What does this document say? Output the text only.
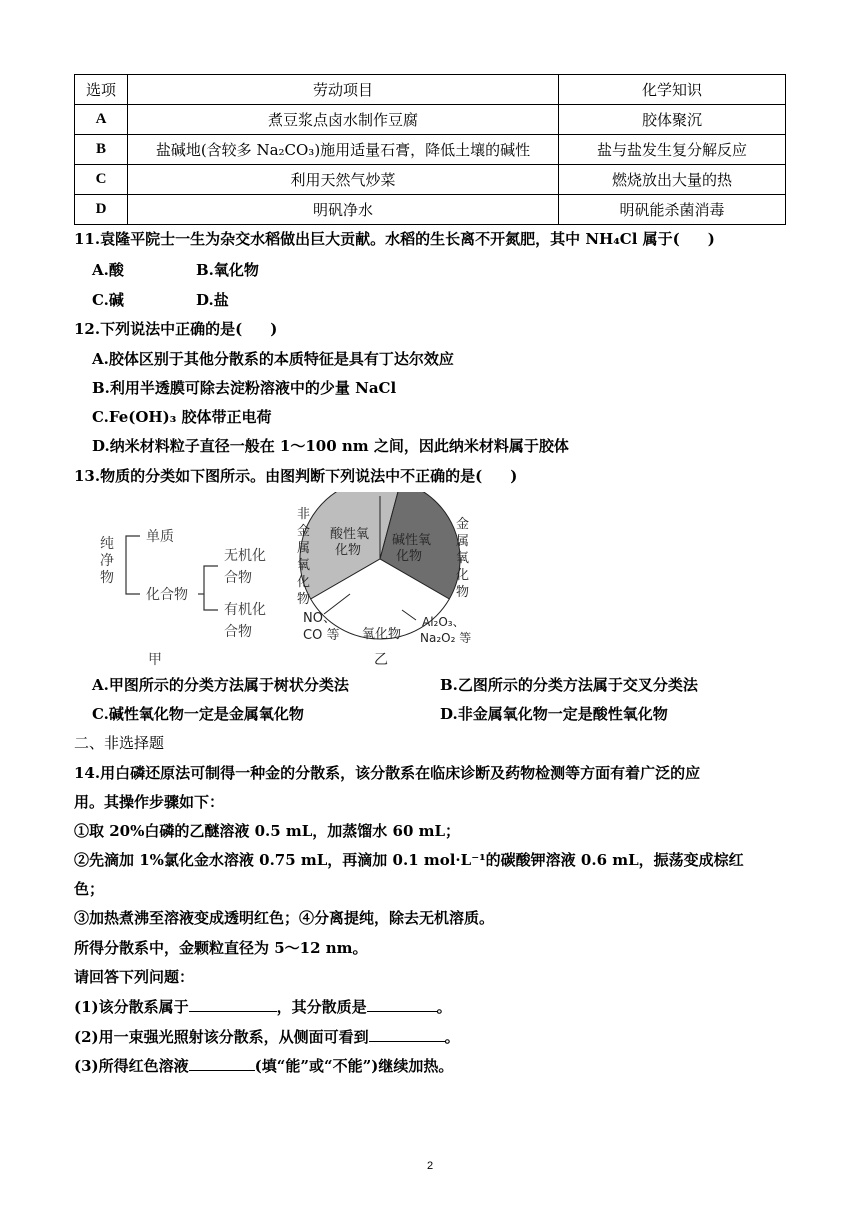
选项	劳动项目	化学知识
A	煮豆浆点卤水制作豆腐	胶体聚沉
B	盐碱地(含较多 Na₂CO₃)施用适量石膏，降低土壤的碱性	盐与盐发生复分解反应
C	利用天然气炒菜	燃烧放出大量的热
D	明矾净水	明矾能杀菌消毒
11.袁隆平院士一生为杂交水稻做出巨大贡献。水稻的生长离不开氮肥，其中 NH₄Cl 属于( )
A.酸	B.氧化物
C.碱	D.盐
12.下列说法中正确的是( )
A.胶体区别于其他分散系的本质特征是具有丁达尔效应
B.利用半透膜可除去淀粉溶液中的少量 NaCl
C.Fe(OH)₃ 胶体带正电荷
D.纳米材料粒子直径一般在 1～100 nm 之间，因此纳米材料属于胶体
13.物质的分类如下图所示。由图判断下列说法中不正确的是( )
纯
净
物
单质
化合物
无机化
合物
有机化
合物
甲
非
金
属
氧
化
物
金
属
氧
化
物
酸性氧
化物
碱性氧
化物
NO、
CO 等 氧化物
Al₂O₃、
Na₂O₂ 等
乙
A.甲图所示的分类方法属于树状分类法	B.乙图所示的分类方法属于交叉分类法
C.碱性氧化物一定是金属氧化物	D.非金属氧化物一定是酸性氧化物
二、非选择题
14.用白磷还原法可制得一种金的分散系，该分散系在临床诊断及药物检测等方面有着广泛的应
用。其操作步骤如下：
①取 20%白磷的乙醚溶液 0.5 mL，加蒸馏水 60 mL；
②先滴加 1%氯化金水溶液 0.75 mL，再滴加 0.1 mol·L⁻¹的碳酸钾溶液 0.6 mL，振荡变成棕红
色；
③加热煮沸至溶液变成透明红色；④分离提纯，除去无机溶质。
所得分散系中，金颗粒直径为 5～12 nm。
请回答下列问题：
(1)该分散系属于	，其分散质是	。
(2)用一束强光照射该分散系，从侧面可看到	。
(3)所得红色溶液	(填“能”或“不能”)继续加热。
2
